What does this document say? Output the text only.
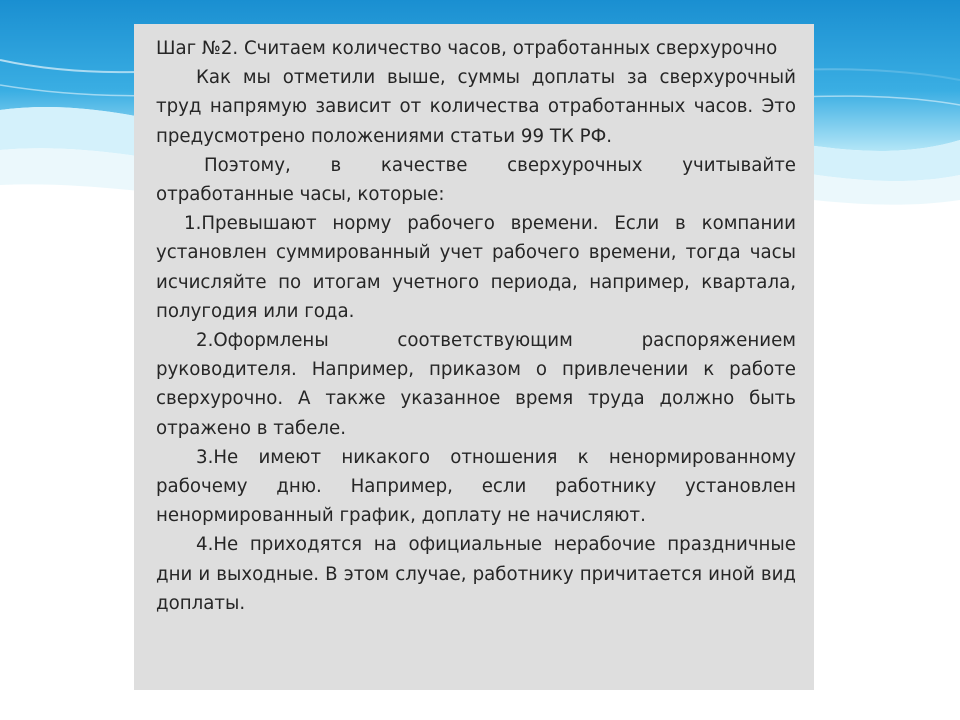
Шаг №2. Считаем количество часов, отработанных сверхурочно

Как мы отметили выше, суммы доплаты за сверхурочный труд напрямую зависит от количества отработанных часов. Это предусмотрено положениями статьи 99 ТК РФ.

Поэтому, в качестве сверхурочных учитывайте отработанные часы, которые:

1.Превышают норму рабочего времени. Если в компании установлен суммированный учет рабочего времени, тогда часы исчисляйте по итогам учетного периода, например, квартала, полугодия или года.

2.Оформлены соответствующим распоряжением руководителя. Например, приказом о привлечении к работе сверхурочно. А также указанное время труда должно быть отражено в табеле.

3.Не имеют никакого отношения к ненормированному рабочему дню. Например, если работнику установлен ненормированный график, доплату не начисляют.

4.Не приходятся на официальные нерабочие праздничные дни и выходные. В этом случае, работнику причитается иной вид доплаты.
